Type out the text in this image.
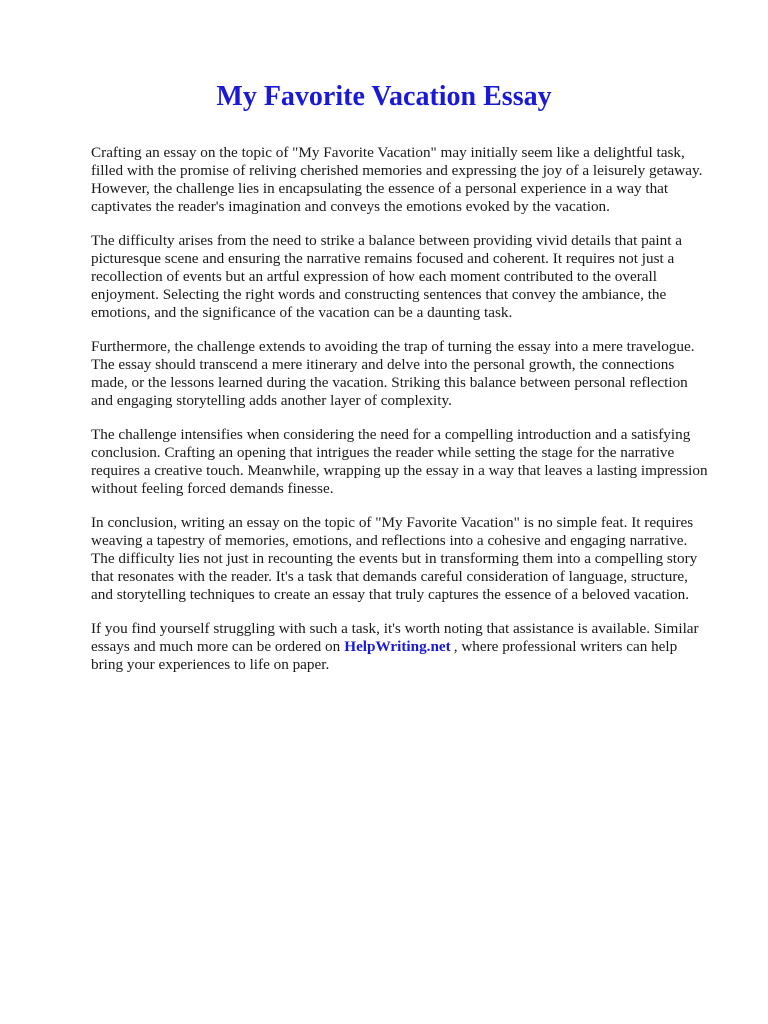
My Favorite Vacation Essay

Crafting an essay on the topic of "My Favorite Vacation" may initially seem like a delightful task,
filled with the promise of reliving cherished memories and expressing the joy of a leisurely getaway.
However, the challenge lies in encapsulating the essence of a personal experience in a way that
captivates the reader's imagination and conveys the emotions evoked by the vacation.

The difficulty arises from the need to strike a balance between providing vivid details that paint a
picturesque scene and ensuring the narrative remains focused and coherent. It requires not just a
recollection of events but an artful expression of how each moment contributed to the overall
enjoyment. Selecting the right words and constructing sentences that convey the ambiance, the
emotions, and the significance of the vacation can be a daunting task.

Furthermore, the challenge extends to avoiding the trap of turning the essay into a mere travelogue.
The essay should transcend a mere itinerary and delve into the personal growth, the connections
made, or the lessons learned during the vacation. Striking this balance between personal reflection
and engaging storytelling adds another layer of complexity.

The challenge intensifies when considering the need for a compelling introduction and a satisfying
conclusion. Crafting an opening that intrigues the reader while setting the stage for the narrative
requires a creative touch. Meanwhile, wrapping up the essay in a way that leaves a lasting impression
without feeling forced demands finesse.

In conclusion, writing an essay on the topic of "My Favorite Vacation" is no simple feat. It requires
weaving a tapestry of memories, emotions, and reflections into a cohesive and engaging narrative.
The difficulty lies not just in recounting the events but in transforming them into a compelling story
that resonates with the reader. It's a task that demands careful consideration of language, structure,
and storytelling techniques to create an essay that truly captures the essence of a beloved vacation.

If you find yourself struggling with such a task, it's worth noting that assistance is available. Similar
essays and much more can be ordered on HelpWriting.net , where professional writers can help
bring your experiences to life on paper.
